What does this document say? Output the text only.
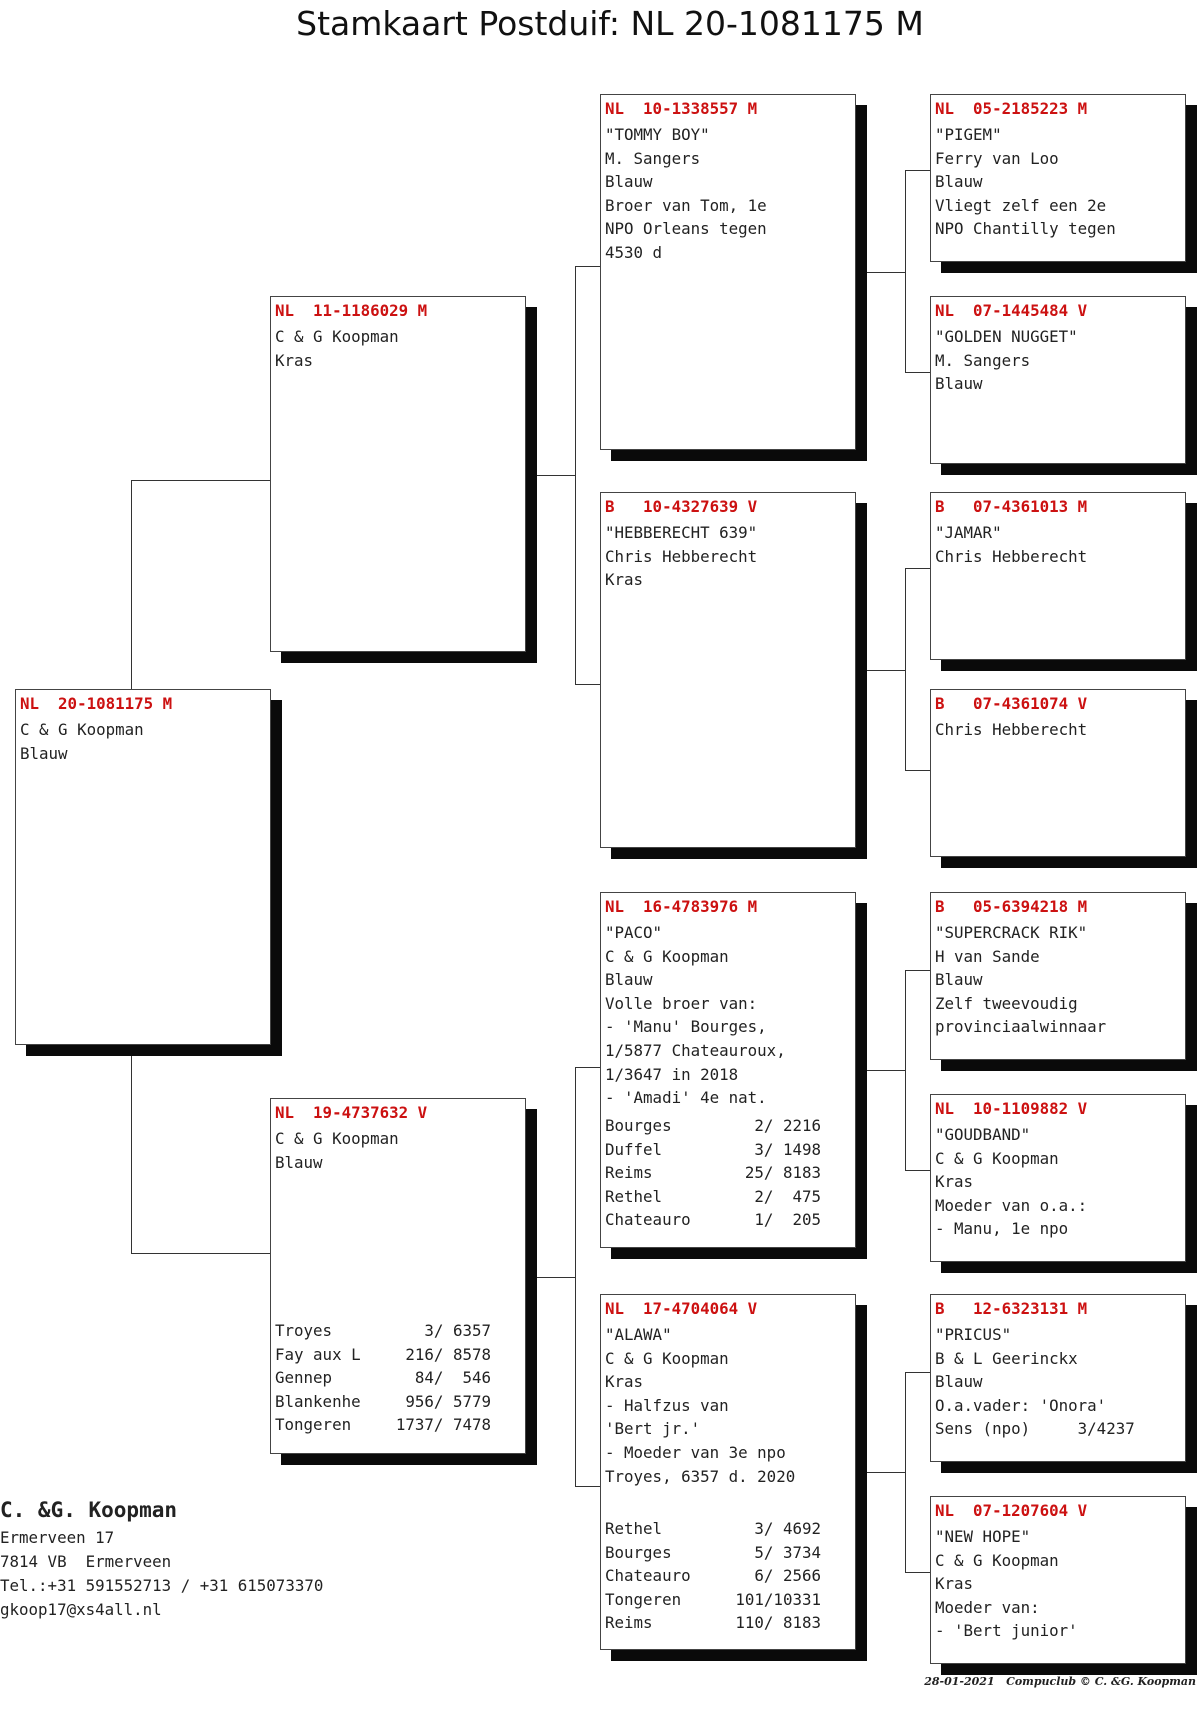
Stamkaart Postduif: NL 20-1081175 M
NL  20-1081175 M
C & G Koopman
Blauw
NL  11-1186029 M
C & G Koopman
Kras
NL  19-4737632 V
C & G Koopman
Blauw
Troyes	3/ 6357
Fay aux L	216/ 8578
Gennep	84/  546
Blankenhe	956/ 5779
Tongeren	1737/ 7478
NL  10-1338557 M
"TOMMY BOY"
M. Sangers
Blauw
Broer van Tom, 1e
NPO Orleans tegen
4530 d
B   10-4327639 V
"HEBBERECHT 639"
Chris Hebberecht
Kras
NL  16-4783976 M
"PACO"
C & G Koopman
Blauw
Volle broer van:
- 'Manu' Bourges,
1/5877 Chateauroux,
1/3647 in 2018
- 'Amadi' 4e nat.
Bourges	2/ 2216
Duffel	3/ 1498
Reims	25/ 8183
Rethel	2/  475
Chateauro	1/  205
NL  17-4704064 V
"ALAWA"
C & G Koopman
Kras
- Halfzus van
'Bert jr.'
- Moeder van 3e npo
Troyes, 6357 d. 2020
Rethel	3/ 4692
Bourges	5/ 3734
Chateauro	6/ 2566
Tongeren	101/10331
Reims	110/ 8183
NL  05-2185223 M
"PIGEM"
Ferry van Loo
Blauw
Vliegt zelf een 2e
NPO Chantilly tegen
NL  07-1445484 V
"GOLDEN NUGGET"
M. Sangers
Blauw
B   07-4361013 M
"JAMAR"
Chris Hebberecht
B   07-4361074 V
Chris Hebberecht
B   05-6394218 M
"SUPERCRACK RIK"
H van Sande
Blauw
Zelf tweevoudig
provinciaalwinnaar
NL  10-1109882 V
"GOUDBAND"
C & G Koopman
Kras
Moeder van o.a.:
- Manu, 1e npo
B   12-6323131 M
"PRICUS"
B & L Geerinckx
Blauw
O.a.vader: 'Onora'
Sens (npo)     3/4237
NL  07-1207604 V
"NEW HOPE"
C & G Koopman
Kras
Moeder van:
- 'Bert junior'
C. &G. Koopman
Ermerveen 17
7814 VB  Ermerveen
Tel.:+31 591552713 / +31 615073370
gkoop17@xs4all.nl
28-01-2021   Compuclub © C. &G. Koopman
